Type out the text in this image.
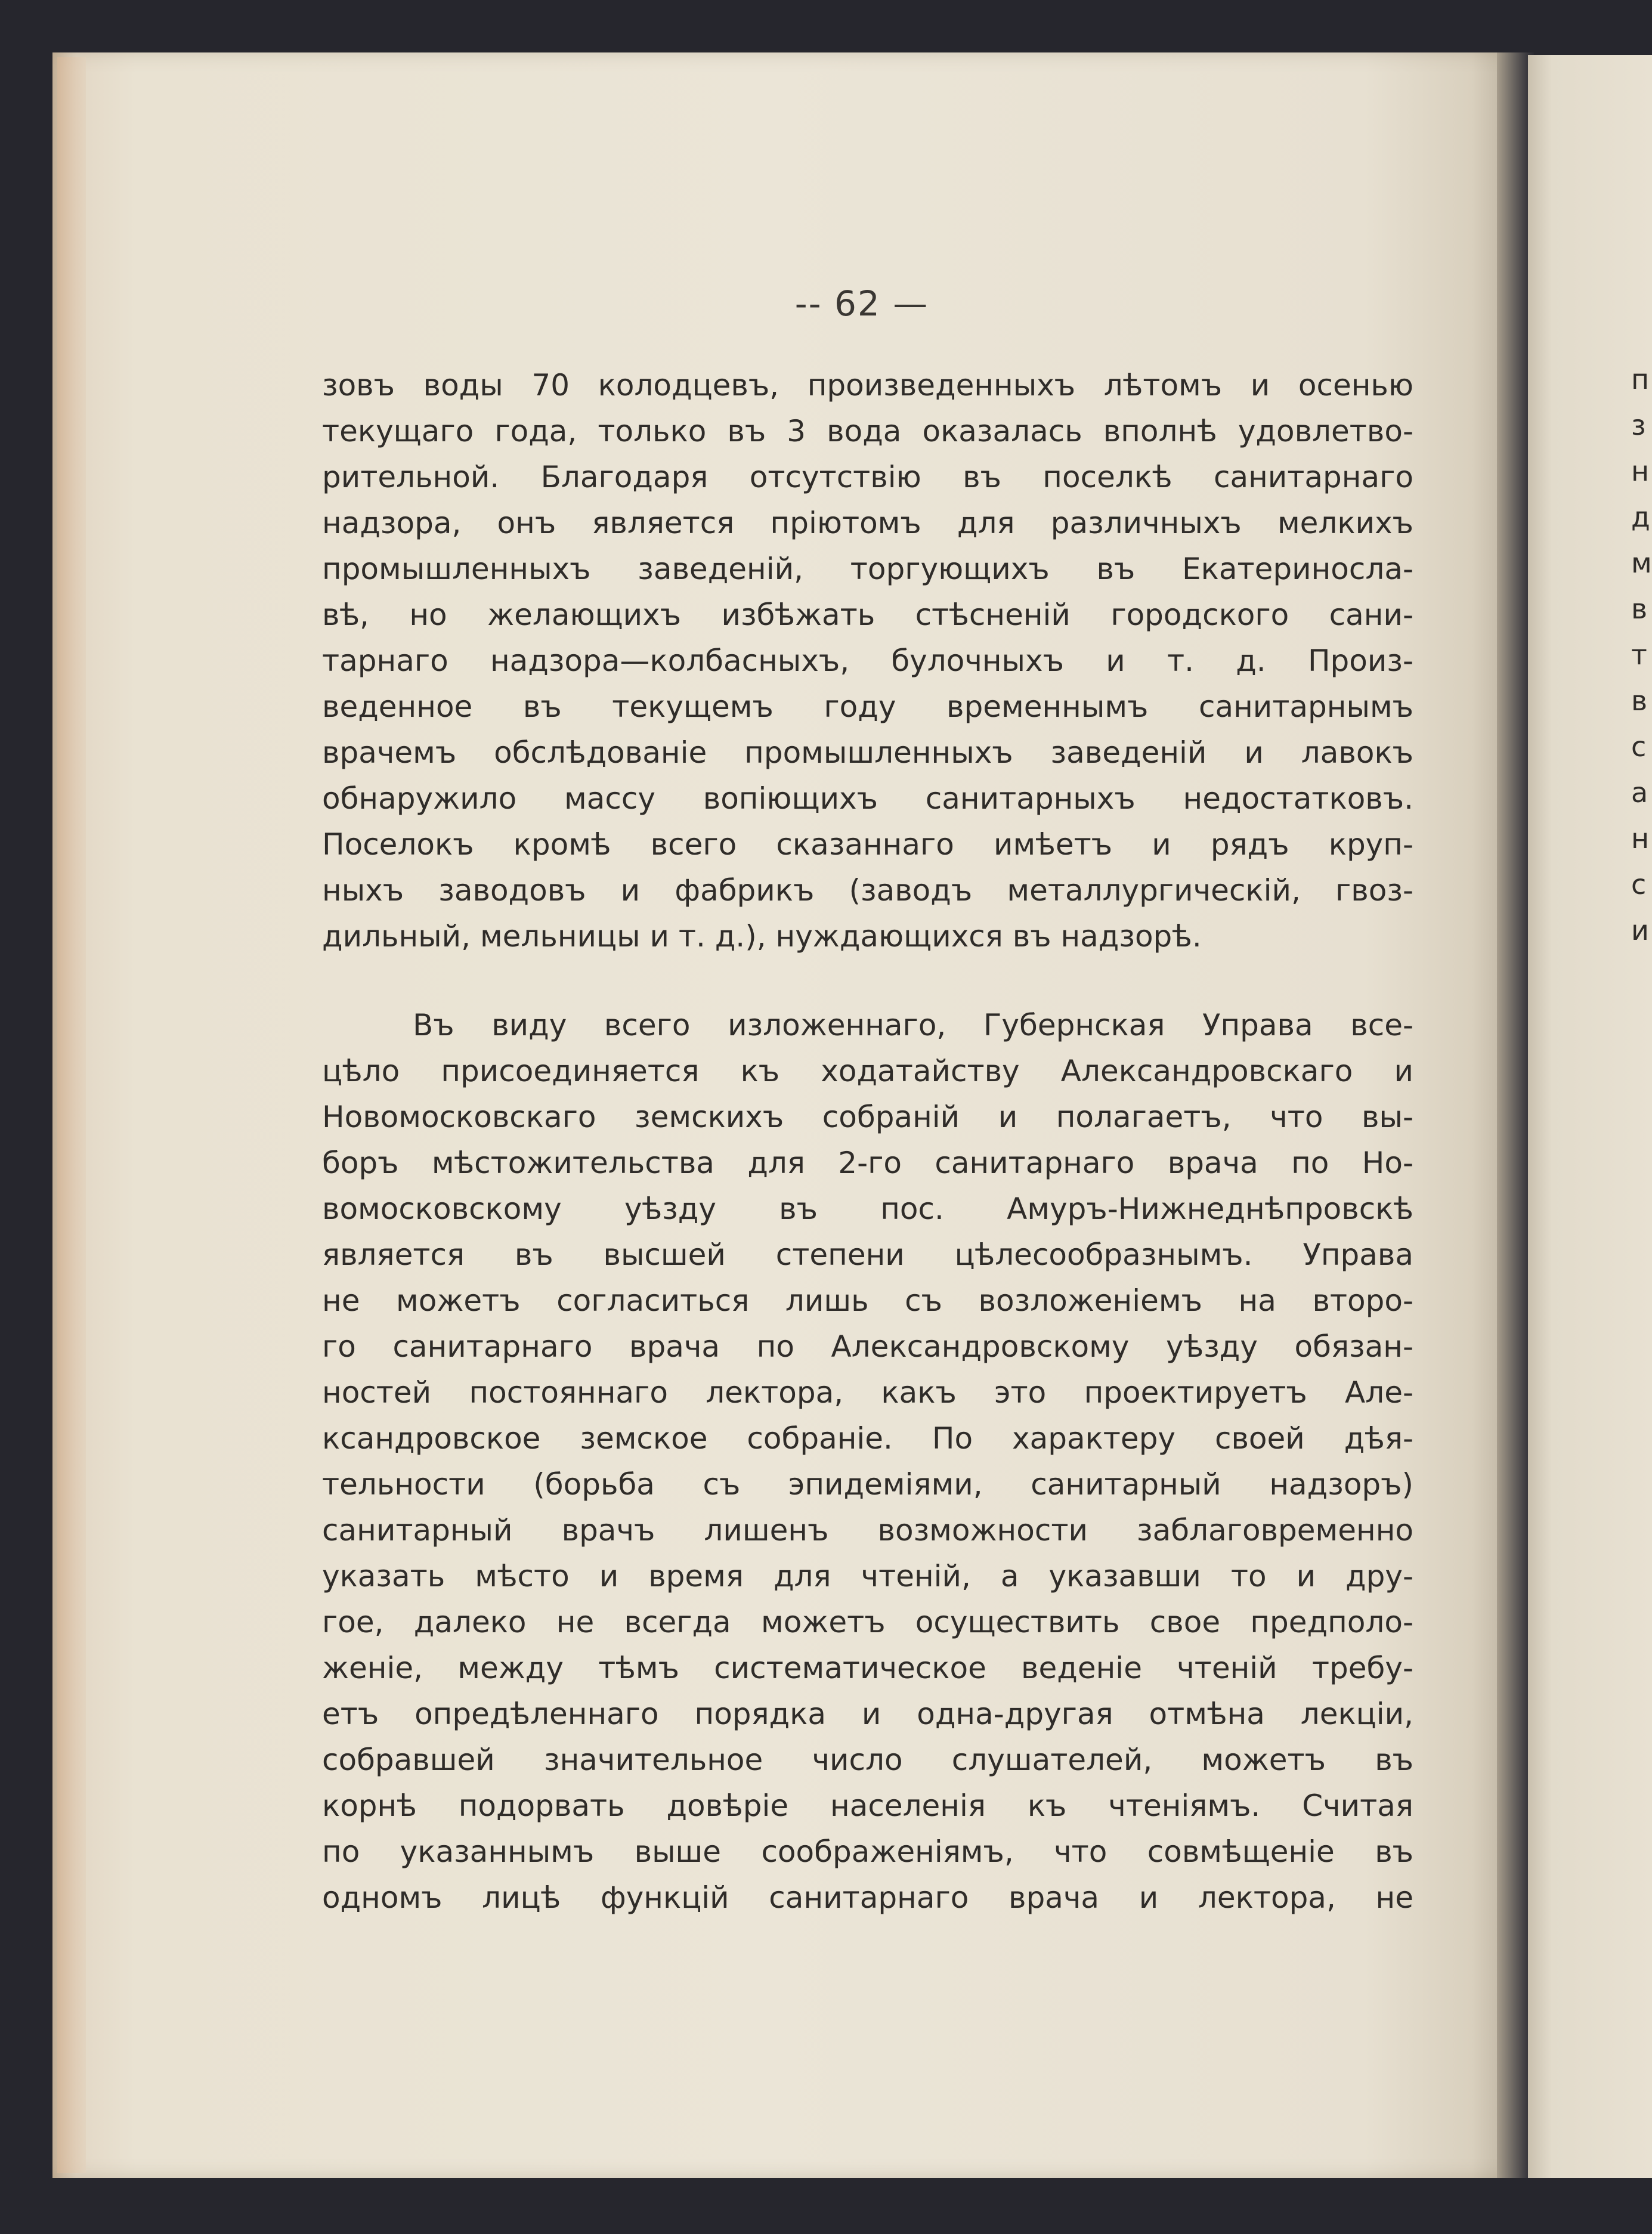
-- 62 —
зовъ воды 70 колодцевъ, произведенныхъ лѣтомъ и осенью
текущаго года, только въ 3 вода оказалась вполнѣ удовлетво-
рительной. Благодаря отсутствію въ поселкѣ санитарнаго
надзора, онъ является пріютомъ для различныхъ мелкихъ
промышленныхъ заведеній, торгующихъ въ Екатериносла-
вѣ, но желающихъ избѣжать стѣсненій городского сани-
тарнаго надзора—колбасныхъ, булочныхъ и т. д. Произ-
веденное въ текущемъ году временнымъ санитарнымъ
врачемъ обслѣдованіе промышленныхъ заведеній и лавокъ
обнаружило массу вопіющихъ санитарныхъ недостатковъ.
Поселокъ кромѣ всего сказаннаго имѣетъ и рядъ круп-
ныхъ заводовъ и фабрикъ (заводъ металлургическій, гвоз-
дильный, мельницы и т. д.), нуждающихся въ надзорѣ.
Въ виду всего изложеннаго, Губернская Управа все-
цѣло присоединяется къ ходатайству Александровскаго и
Новомосковскаго земскихъ собраній и полагаетъ, что вы-
боръ мѣстожительства для 2-го санитарнаго врача по Но-
вомосковскому уѣзду въ пос. Амуръ-Нижнеднѣпровскѣ
является въ высшей степени цѣлесообразнымъ. Управа
не можетъ согласиться лишь съ возложеніемъ на второ-
го санитарнаго врача по Александровскому уѣзду обязан-
ностей постояннаго лектора, какъ это проектируетъ Але-
ксандровское земское собраніе. По характеру своей дѣя-
тельности (борьба съ эпидеміями, санитарный надзоръ)
санитарный врачъ лишенъ возможности заблаговременно
указать мѣсто и время для чтеній, а указавши то и дру-
гое, далеко не всегда можетъ осуществить свое предполо-
женіе, между тѣмъ систематическое веденіе чтеній требу-
етъ опредѣленнаго порядка и одна-другая отмѣна лекціи,
собравшей значительное число слушателей, можетъ въ
корнѣ подорвать довѣріе населенія къ чтеніямъ. Считая
по указаннымъ выше соображеніямъ, что совмѣщеніе въ
одномъ лицѣ функцій санитарнаго врача и лектора, не
п
з
н
д
м
в
т
в
с
а
н
с
и
